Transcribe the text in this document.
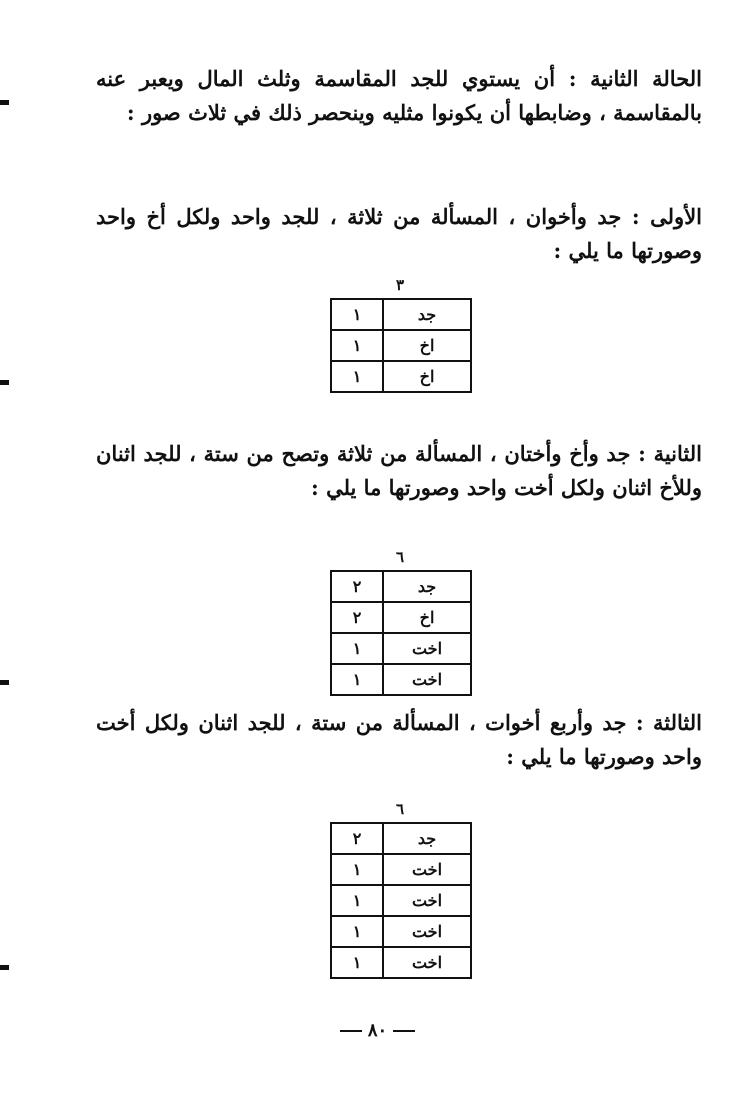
الحالة الثانية : أن يستوي للجد المقاسمة وثلث المال ويعبر عنه بالمقاسمة ، وضابطها أن يكونوا مثليه وينحصر ذلك في ثلاث صور :

الأولى : جد وأخوان ، المسألة من ثلاثة ، للجد واحد ولكل أخ واحد وصورتها ما يلي :

٣
جد	١
اخ	١
اخ	١

الثانية : جد وأخ وأختان ، المسألة من ثلاثة وتصح من ستة ، للجد اثنان وللأخ اثنان ولكل أخت واحد وصورتها ما يلي :

٦
جد	٢
اخ	٢
اخت	١
اخت	١

الثالثة : جد وأربع أخوات ، المسألة من ستة ، للجد اثنان ولكل أخت واحد وصورتها ما يلي :

٦
جد	٢
اخت	١
اخت	١
اخت	١
اخت	١
٨٠
